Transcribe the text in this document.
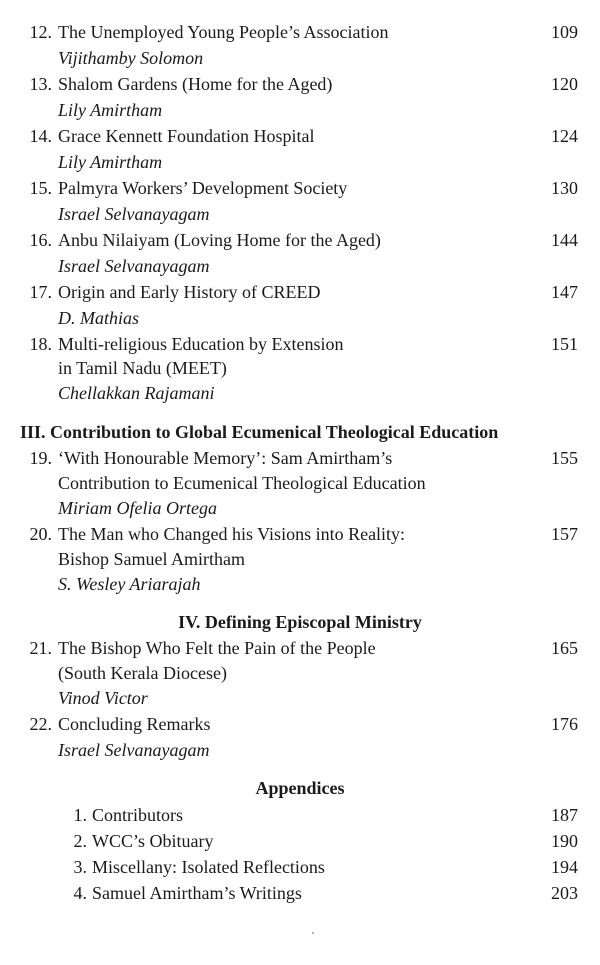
12. The Unemployed Young People’s Association	109
Vijithamby Solomon
13. Shalom Gardens (Home for the Aged)	120
Lily Amirtham
14. Grace Kennett Foundation Hospital	124
Lily Amirtham
15. Palmyra Workers’ Development Society	130
Israel Selvanayagam
16. Anbu Nilaiyam (Loving Home for the Aged)	144
Israel Selvanayagam
17. Origin and Early History of CREED	147
D. Mathias
18. Multi-religious Education by Extension	151
in Tamil Nadu (MEET)
Chellakkan Rajamani
III. Contribution to Global Ecumenical Theological Education
19. ‘With Honourable Memory’: Sam Amirtham’s	155
Contribution to Ecumenical Theological Education
Miriam Ofelia Ortega
20. The Man who Changed his Visions into Reality:	157
Bishop Samuel Amirtham
S. Wesley Ariarajah
IV. Defining Episcopal Ministry
21. The Bishop Who Felt the Pain of the People	165
(South Kerala Diocese)
Vinod Victor
22. Concluding Remarks	176
Israel Selvanayagam
Appendices
1. Contributors	187
2. WCC’s Obituary	190
3. Miscellany: Isolated Reflections	194
4. Samuel Amirtham’s Writings	203
